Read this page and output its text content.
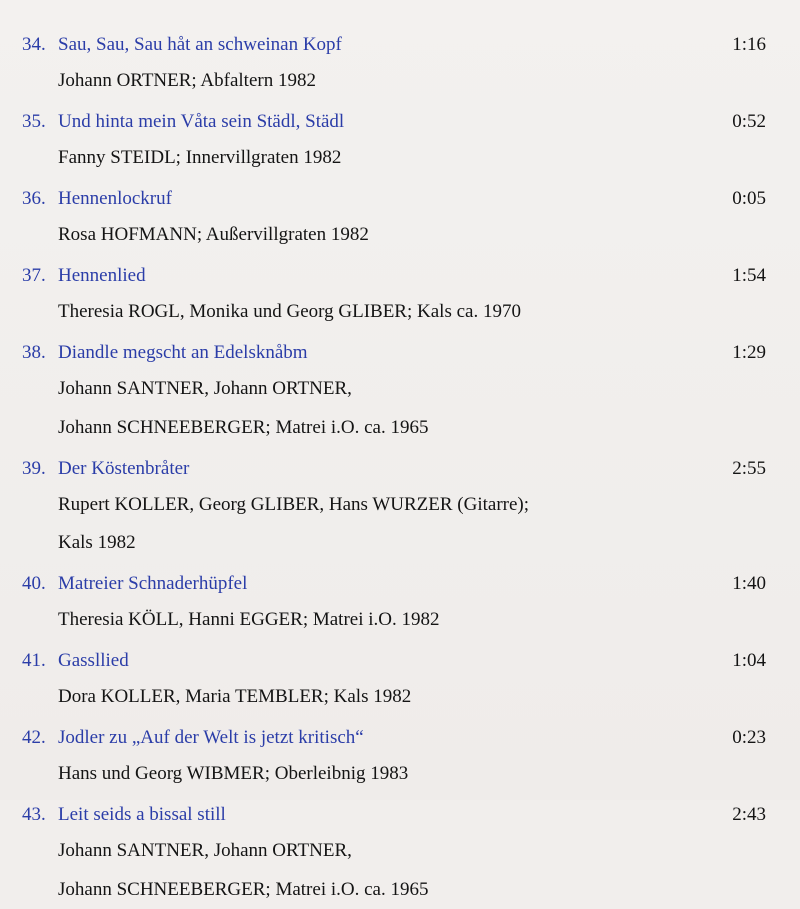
34. Sau, Sau, Sau håt an schweinan Kopf	1:16
Johann ORTNER; Abfaltern 1982
35. Und hinta mein Våta sein Städl, Städl	0:52
Fanny STEIDL; Innervillgraten 1982
36. Hennenlockruf	0:05
Rosa HOFMANN; Außervillgraten 1982
37. Hennenlied	1:54
Theresia ROGL, Monika und Georg GLIBER; Kals ca. 1970
38. Diandle megscht an Edelsknåbm	1:29
Johann SANTNER, Johann ORTNER,
Johann SCHNEEBERGER; Matrei i.O. ca. 1965
39. Der Köstenbråter	2:55
Rupert KOLLER, Georg GLIBER, Hans WURZER (Gitarre);
Kals 1982
40. Matreier Schnaderhüpfel	1:40
Theresia KÖLL, Hanni EGGER; Matrei i.O. 1982
41. Gassllied	1:04
Dora KOLLER, Maria TEMBLER; Kals 1982
42. Jodler zu „Auf der Welt is jetzt kritisch“	0:23
Hans und Georg WIBMER; Oberleibnig 1983
43. Leit seids a bissal still	2:43
Johann SANTNER, Johann ORTNER,
Johann SCHNEEBERGER; Matrei i.O. ca. 1965
